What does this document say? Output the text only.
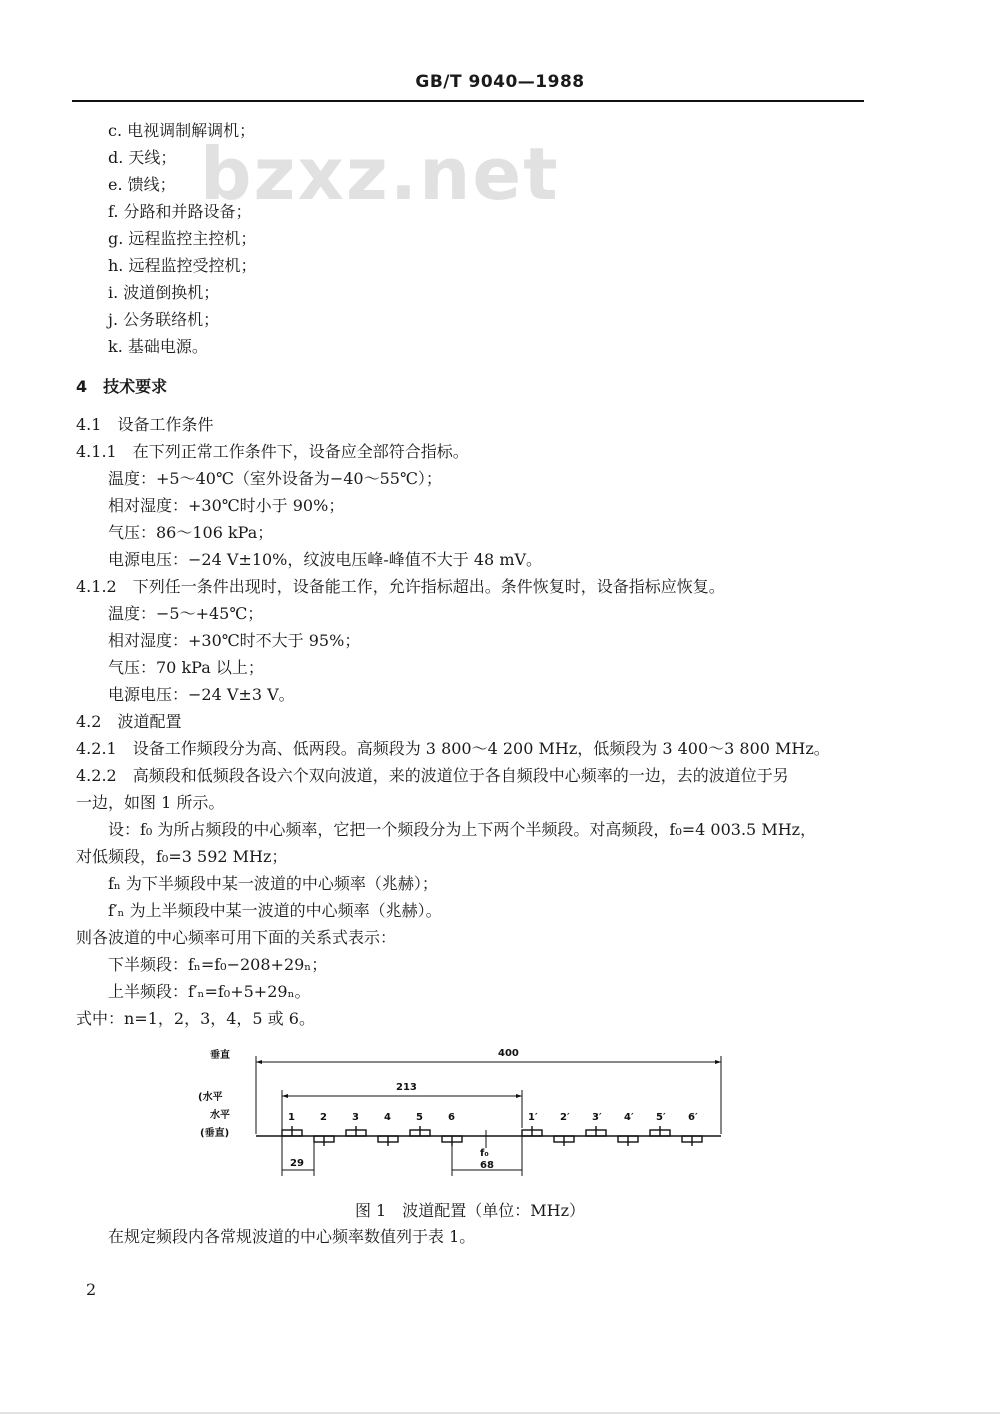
GB/T 9040—1988
bzxz.net
c. 电视调制解调机；
d. 天线；
e. 馈线；
f. 分路和并路设备；
g. 远程监控主控机；
h. 远程监控受控机；
i. 波道倒换机；
j. 公务联络机；
k. 基础电源。
4　技术要求
4.1　设备工作条件
4.1.1　在下列正常工作条件下，设备应全部符合指标。
温度：+5～40℃（室外设备为−40～55℃）；
相对湿度：+30℃时小于 90%；
气压：86～106 kPa；
电源电压：−24 V±10%，纹波电压峰-峰值不大于 48 mV。
4.1.2　下列任一条件出现时，设备能工作，允许指标超出。条件恢复时，设备指标应恢复。
温度：−5～+45℃；
相对湿度：+30℃时不大于 95%；
气压：70 kPa 以上；
电源电压：−24 V±3 V。
4.2　波道配置
4.2.1　设备工作频段分为高、低两段。高频段为 3 800～4 200 MHz，低频段为 3 400～3 800 MHz。
4.2.2　高频段和低频段各设六个双向波道，来的波道位于各自频段中心频率的一边，去的波道位于另
一边，如图 1 所示。
设：f₀ 为所占频段的中心频率，它把一个频段分为上下两个半频段。对高频段，f₀=4 003.5 MHz，
对低频段，f₀=3 592 MHz；
fₙ 为下半频段中某一波道的中心频率（兆赫）；
f′ₙ 为上半频段中某一波道的中心频率（兆赫）。
则各波道的中心频率可用下面的关系式表示：
下半频段：fₙ=f₀−208+29ₙ；
上半频段：f′ₙ=f₀+5+29ₙ。
式中：n=1，2，3，4，5 或 6。
在规定频段内各常规波道的中心频率数值列于表 1。
垂直
(水平
水平
(垂直)
400
213
1	2	3	4	5	6	1′ 2′ 3′ 4′ 5′ 6′
29
f₀
68
图 1　波道配置（单位：MHz）
2
